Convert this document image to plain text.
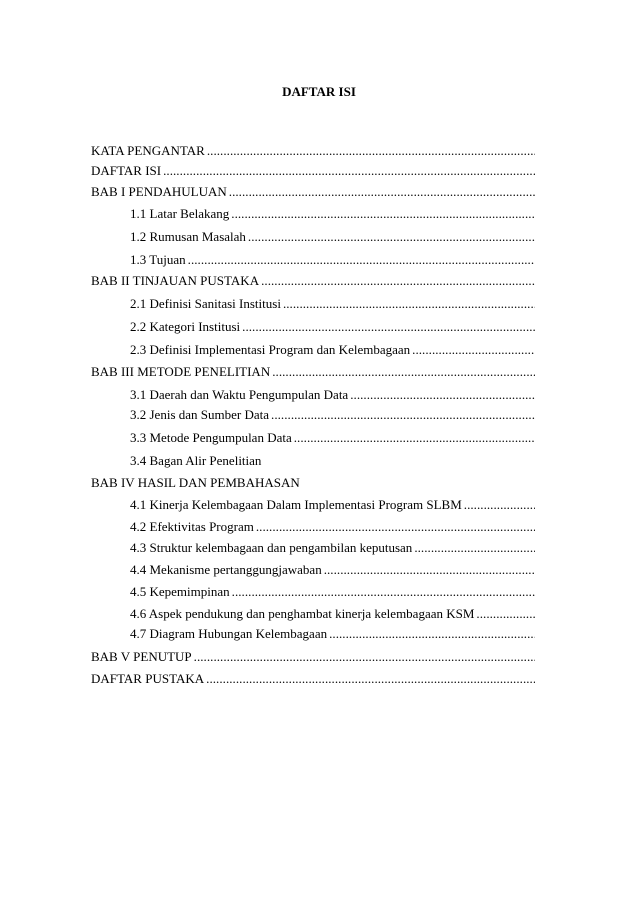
DAFTAR ISI
KATA PENGANTAR
. . .
DAFTAR ISI
. . .
BAB I PENDAHULUAN
. . .
1.1 Latar Belakang
. . .
1.2 Rumusan Masalah
. . .
1.3 Tujuan
. . .
BAB II TINJAUAN PUSTAKA
. . .
2.1 Definisi Sanitasi Institusi
. . .
2.2 Kategori Institusi
. . .
2.3 Definisi Implementasi Program dan Kelembagaan
. . .
BAB III METODE PENELITIAN
. . .
3.1 Daerah dan Waktu Pengumpulan Data
. . .
3.2 Jenis dan Sumber Data
. . .
3.3 Metode Pengumpulan Data
. . .
3.4 Bagan Alir Penelitian
BAB IV HASIL DAN PEMBAHASAN
4.1 Kinerja Kelembagaan Dalam Implementasi Program SLBM
. . .
4.2 Efektivitas Program
. . .
4.3 Struktur kelembagaan dan pengambilan keputusan
. . .
4.4 Mekanisme pertanggungjawaban
. . .
4.5 Kepemimpinan
. . .
4.6 Aspek pendukung dan penghambat kinerja kelembagaan KSM
. . .
4.7 Diagram Hubungan Kelembagaan
. . .
BAB V PENUTUP
. . .
DAFTAR PUSTAKA
. . .
